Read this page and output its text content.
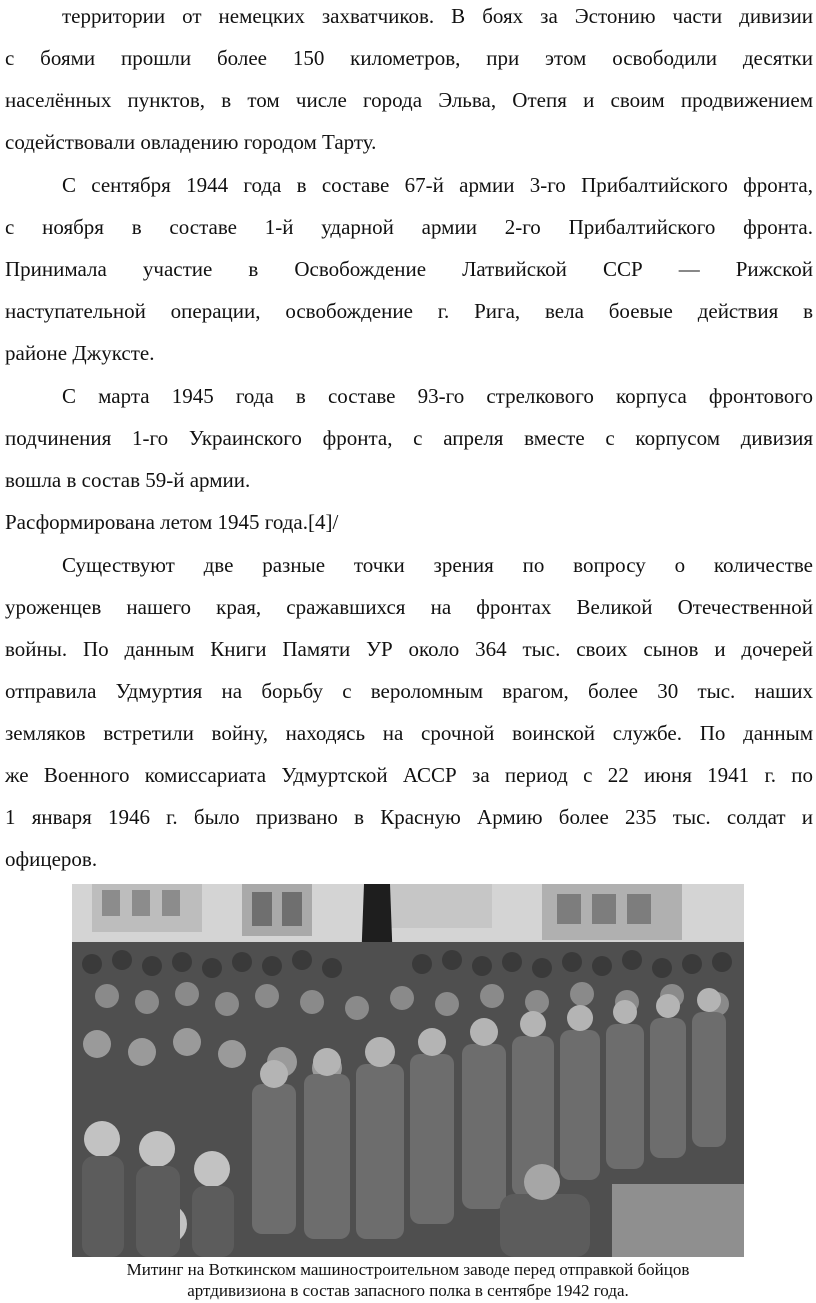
территории от немецких захватчиков. В боях за Эстонию части дивизии
с боями прошли более 150 километров, при этом освободили десятки
населённых пунктов, в том числе города Эльва, Отепя и своим продвижением
содействовали овладению городом Тарту.
С сентября 1944 года в составе 67-й армии 3-го Прибалтийского фронта,
с ноября в составе 1-й ударной армии 2-го Прибалтийского фронта.
Принимала участие в Освобождение Латвийской ССР — Рижской
наступательной операции, освобождение г. Рига, вела боевые действия в
районе Джуксте.
С марта 1945 года в составе 93-го стрелкового корпуса фронтового
подчинения 1-го Украинского фронта, с апреля вместе с корпусом дивизия
вошла в состав 59-й армии.
Расформирована летом 1945 года.[4]/
Существуют две разные точки зрения по вопросу о количестве
уроженцев нашего края, сражавшихся на фронтах Великой Отечественной
войны. По данным Книги Памяти УР около 364 тыс. своих сынов и дочерей
отправила Удмуртия на борьбу с вероломным врагом, более 30 тыс. наших
земляков встретили войну, находясь на срочной воинской службе. По данным
же Военного комиссариата Удмуртской АССР за период с 22 июня 1941 г. по
1 января 1946 г. было призвано в Красную Армию более 235 тыс. солдат и
офицеров.
Митинг на Воткинском машиностроительном заводе перед отправкой бойцов
артдивизиона в состав запасного полка в сентябре 1942 года.
